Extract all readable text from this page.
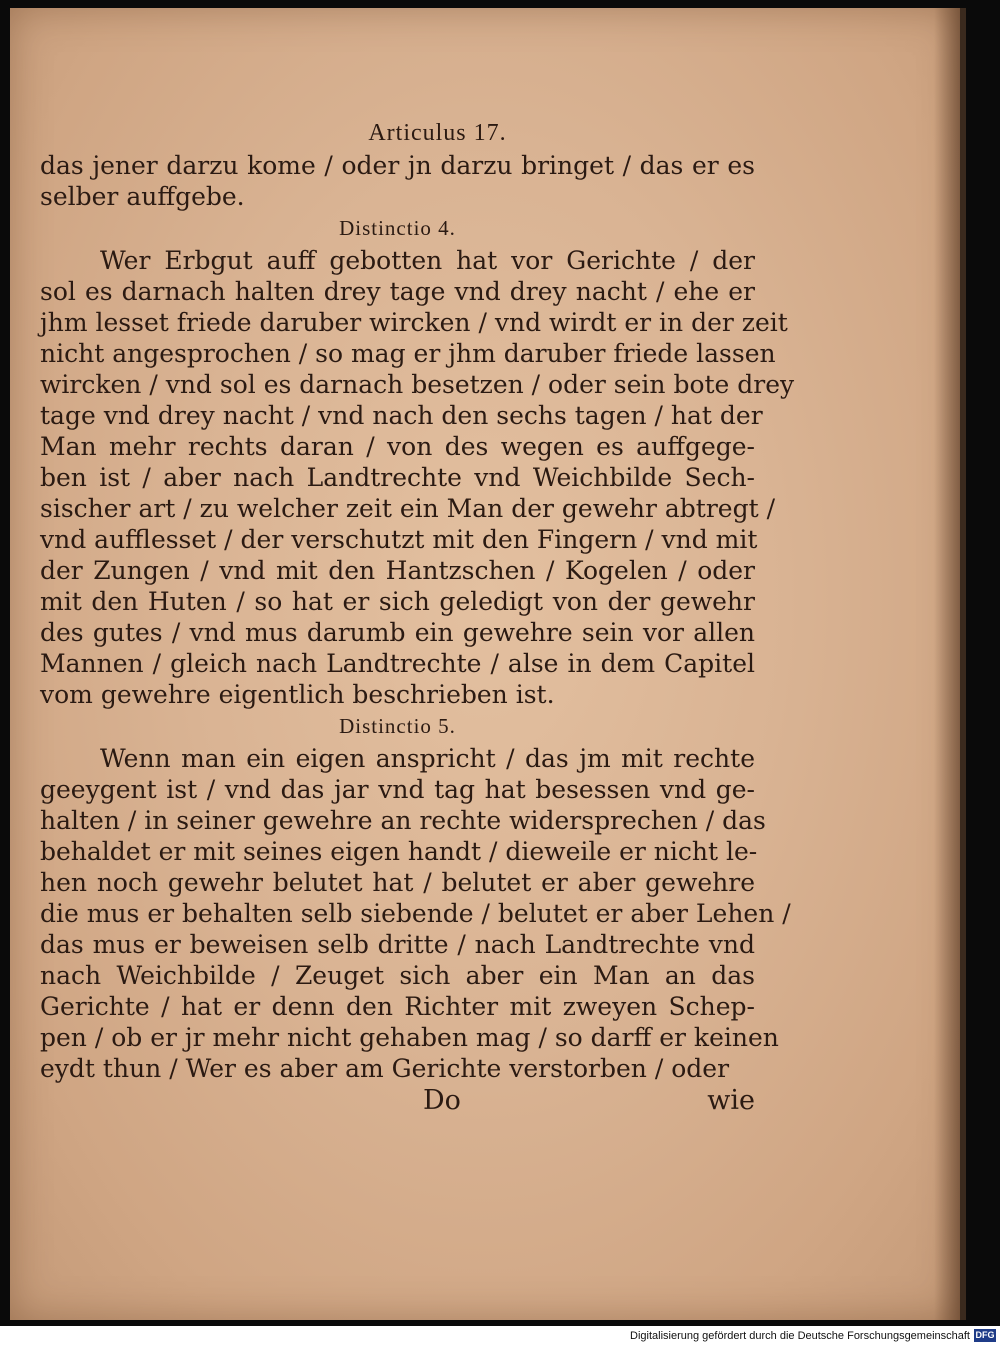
Articulus 17.
das jener darzu kome / oder jn darzu bringet / das er es
selber auffgebe.
Distinctio 4.
Wer Erbgut auff gebotten hat vor Gerichte / der
sol es darnach halten drey tage vnd drey nacht / ehe er
jhm lesset friede daruber wircken / vnd wirdt er in der zeit
nicht angesprochen / so mag er jhm daruber friede lassen
wircken / vnd sol es darnach besetzen / oder sein bote drey
tage vnd drey nacht / vnd nach den sechs tagen / hat der
Man mehr rechts daran / von des wegen es auffgege-
ben ist / aber nach Landtrechte vnd Weichbilde Sech-
sischer art / zu welcher zeit ein Man der gewehr abtregt /
vnd aufflesset / der verschutzt mit den Fingern / vnd mit
der Zungen / vnd mit den Hantzschen / Kogelen / oder
mit den Huten / so hat er sich geledigt von der gewehr
des gutes / vnd mus darumb ein gewehre sein vor allen
Mannen / gleich nach Landtrechte / alse in dem Capitel
vom gewehre eigentlich beschrieben ist.
Distinctio 5.
Wenn man ein eigen anspricht / das jm mit rechte
geeygent ist / vnd das jar vnd tag hat besessen vnd ge-
halten / in seiner gewehre an rechte widersprechen / das
behaldet er mit seines eigen handt / dieweile er nicht le-
hen noch gewehr belutet hat / belutet er aber gewehre
die mus er behalten selb siebende / belutet er aber Lehen /
das mus er beweisen selb dritte / nach Landtrechte vnd
nach Weichbilde / Zeuget sich aber ein Man an das
Gerichte / hat er denn den Richter mit zweyen Schep-
pen / ob er jr mehr nicht gehaben mag / so darff er keinen
eydt thun / Wer es aber am Gerichte verstorben / oder
Do	wie
Digitalisierung gefördert durch die Deutsche Forschungsgemeinschaft DFG
